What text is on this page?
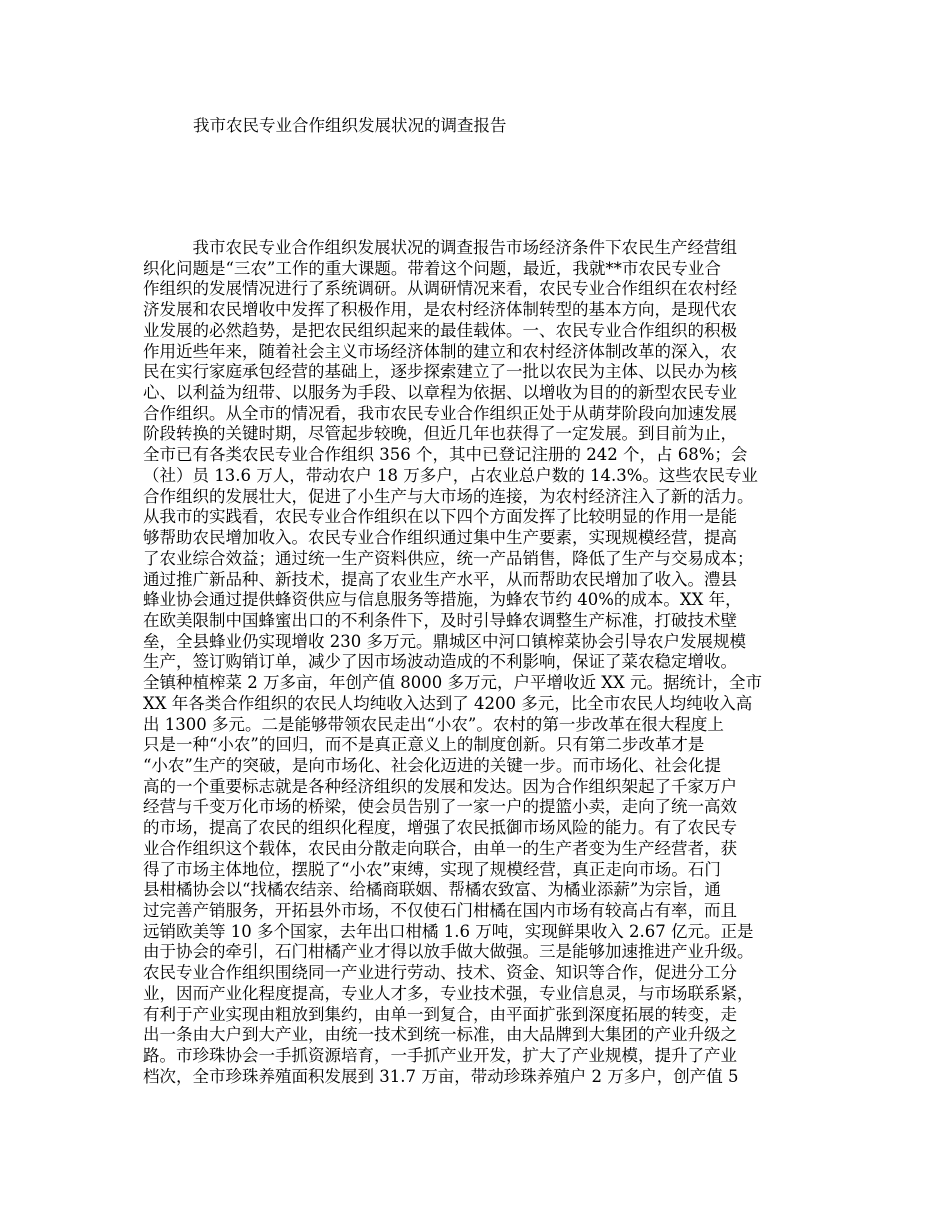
我市农民专业合作组织发展状况的调查报告
　　　我市农民专业合作组织发展状况的调查报告市场经济条件下农民生产经营组
织化问题是“三农”工作的重大课题。带着这个问题，最近，我就**市农民专业合
作组织的发展情况进行了系统调研。从调研情况来看，农民专业合作组织在农村经
济发展和农民增收中发挥了积极作用，是农村经济体制转型的基本方向，是现代农
业发展的必然趋势，是把农民组织起来的最佳载体。一、农民专业合作组织的积极
作用近些年来，随着社会主义市场经济体制的建立和农村经济体制改革的深入，农
民在实行家庭承包经营的基础上，逐步探索建立了一批以农民为主体、以民办为核
心、以利益为纽带、以服务为手段、以章程为依据、以增收为目的的新型农民专业
合作组织。从全市的情况看，我市农民专业合作组织正处于从萌芽阶段向加速发展
阶段转换的关键时期，尽管起步较晚，但近几年也获得了一定发展。到目前为止，
全市已有各类农民专业合作组织 356 个，其中已登记注册的 242 个，占 68%；会
（社）员 13.6 万人，带动农户 18 万多户，占农业总户数的 14.3%。这些农民专业
合作组织的发展壮大，促进了小生产与大市场的连接，为农村经济注入了新的活力。
从我市的实践看，农民专业合作组织在以下四个方面发挥了比较明显的作用一是能
够帮助农民增加收入。农民专业合作组织通过集中生产要素，实现规模经营，提高
了农业综合效益；通过统一生产资料供应，统一产品销售，降低了生产与交易成本；
通过推广新品种、新技术，提高了农业生产水平，从而帮助农民增加了收入。澧县
蜂业协会通过提供蜂资供应与信息服务等措施，为蜂农节约 40%的成本。XX 年，
在欧美限制中国蜂蜜出口的不利条件下，及时引导蜂农调整生产标准，打破技术壁
垒，全县蜂业仍实现增收 230 多万元。鼎城区中河口镇榨菜协会引导农户发展规模
生产，签订购销订单，减少了因市场波动造成的不利影响，保证了菜农稳定增收。
全镇种植榨菜 2 万多亩，年创产值 8000 多万元，户平增收近 XX 元。据统计，全市
XX 年各类合作组织的农民人均纯收入达到了 4200 多元，比全市农民人均纯收入高
出 1300 多元。二是能够带领农民走出“小农”。农村的第一步改革在很大程度上
只是一种“小农”的回归，而不是真正意义上的制度创新。只有第二步改革才是
“小农”生产的突破，是向市场化、社会化迈进的关键一步。而市场化、社会化提
高的一个重要标志就是各种经济组织的发展和发达。因为合作组织架起了千家万户
经营与千变万化市场的桥梁，使会员告别了一家一户的提篮小卖，走向了统一高效
的市场，提高了农民的组织化程度，增强了农民抵御市场风险的能力。有了农民专
业合作组织这个载体，农民由分散走向联合，由单一的生产者变为生产经营者，获
得了市场主体地位，摆脱了“小农”束缚，实现了规模经营，真正走向市场。石门
县柑橘协会以“找橘农结亲、给橘商联姻、帮橘农致富、为橘业添薪”为宗旨，通
过完善产销服务，开拓县外市场，不仅使石门柑橘在国内市场有较高占有率，而且
远销欧美等 10 多个国家，去年出口柑橘 1.6 万吨，实现鲜果收入 2.67 亿元。正是
由于协会的牵引，石门柑橘产业才得以放手做大做强。三是能够加速推进产业升级。
农民专业合作组织围绕同一产业进行劳动、技术、资金、知识等合作，促进分工分
业，因而产业化程度提高，专业人才多，专业技术强，专业信息灵，与市场联系紧，
有利于产业实现由粗放到集约，由单一到复合，由平面扩张到深度拓展的转变，走
出一条由大户到大产业，由统一技术到统一标准，由大品牌到大集团的产业升级之
路。市珍珠协会一手抓资源培育，一手抓产业开发，扩大了产业规模，提升了产业
档次，全市珍珠养殖面积发展到 31.7 万亩，带动珍珠养殖户 2 万多户，创产值 5
